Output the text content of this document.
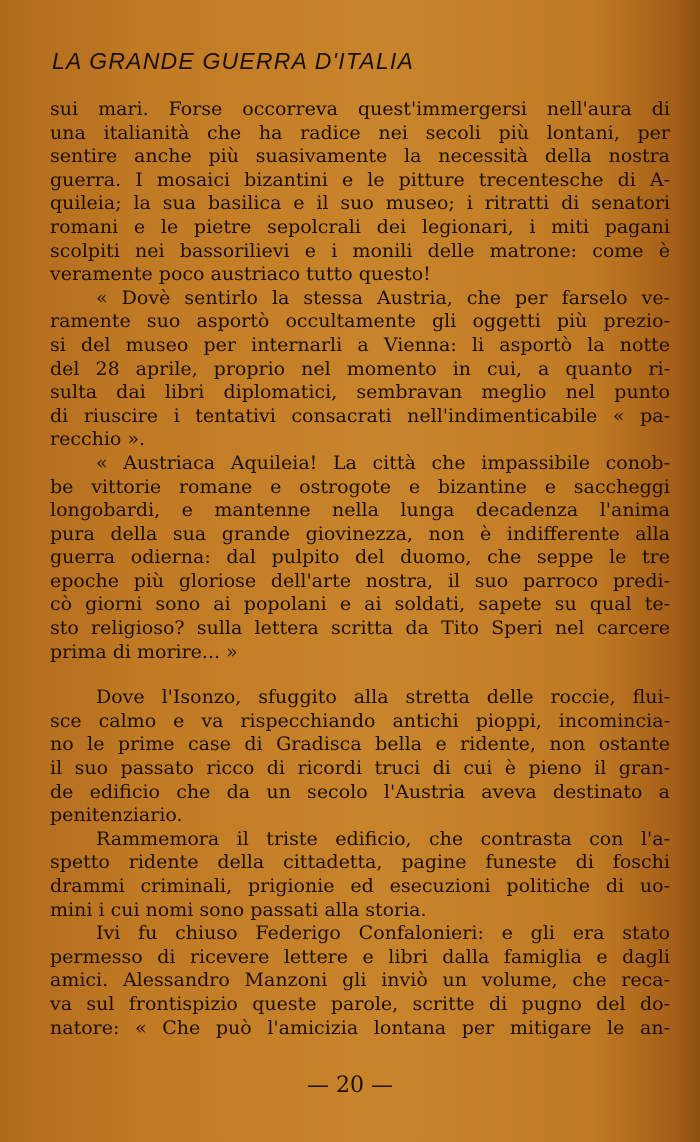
LA GRANDE GUERRA D'ITALIA
sui mari. Forse occorreva quest'immergersi nell'aura di
una italianità che ha radice nei secoli più lontani, per
sentire anche più suasivamente la necessità della nostra
guerra. I mosaici bizantini e le pitture trecentesche di A-
quileia; la sua basilica e il suo museo; i ritratti di senatori
romani e le pietre sepolcrali dei legionari, i miti pagani
scolpiti nei bassorilievi e i monili delle matrone: come è
veramente poco austriaco tutto questo!
« Dovè sentirlo la stessa Austria, che per farselo ve-
ramente suo asportò occultamente gli oggetti più prezio-
si del museo per internarli a Vienna: li asportò la notte
del 28 aprile, proprio nel momento in cui, a quanto ri-
sulta dai libri diplomatici, sembravan meglio nel punto
di riuscire i tentativi consacrati nell'indimenticabile « pa-
recchio ».
« Austriaca Aquileia! La città che impassibile conob-
be vittorie romane e ostrogote e bizantine e saccheggi
longobardi, e mantenne nella lunga decadenza l'anima
pura della sua grande giovinezza, non è indifferente alla
guerra odierna: dal pulpito del duomo, che seppe le tre
epoche più gloriose dell'arte nostra, il suo parroco predi-
cò giorni sono ai popolani e ai soldati, sapete su qual te-
sto religioso? sulla lettera scritta da Tito Speri nel carcere
prima di morire... »
Dove l'Isonzo, sfuggito alla stretta delle roccie, flui-
sce calmo e va rispecchiando antichi pioppi, incomincia-
no le prime case di Gradisca bella e ridente, non ostante
il suo passato ricco di ricordi truci di cui è pieno il gran-
de edificio che da un secolo l'Austria aveva destinato a
penitenziario.
Rammemora il triste edificio, che contrasta con l'a-
spetto ridente della cittadetta, pagine funeste di foschi
drammi criminali, prigionie ed esecuzioni politiche di uo-
mini i cui nomi sono passati alla storia.
Ivi fu chiuso Federigo Confalonieri: e gli era stato
permesso di ricevere lettere e libri dalla famiglia e dagli
amici. Alessandro Manzoni gli inviò un volume, che reca-
va sul frontispizio queste parole, scritte di pugno del do-
natore: « Che può l'amicizia lontana per mitigare le an-
— 20 —
